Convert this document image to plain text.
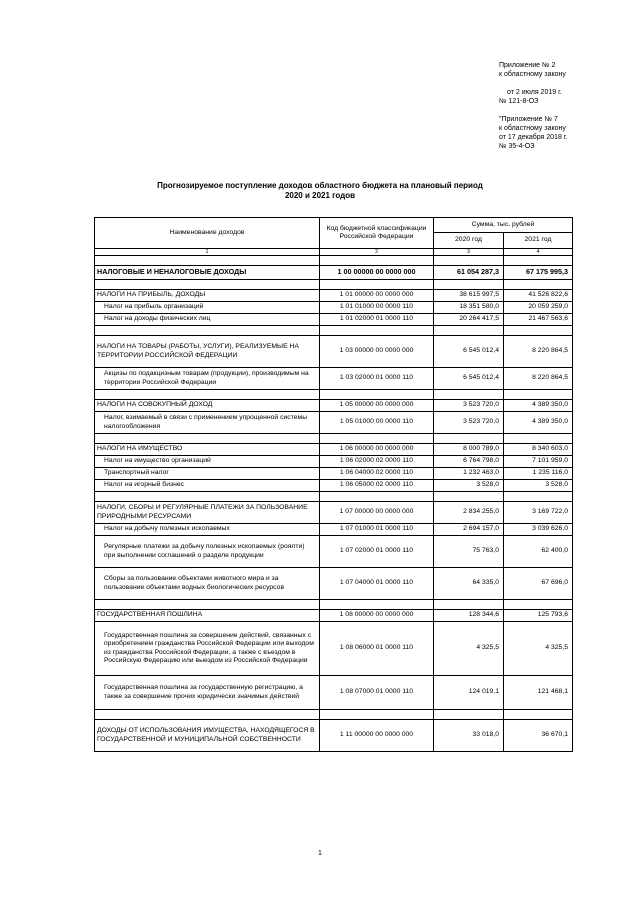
Приложение № 2
к областному закону
от 2 июля 2019 г.
№ 121-8-ОЗ
"Приложение № 7
к областному закону
от 17 декабря 2018 г.
№ 35-4-ОЗ
Прогнозируемое поступление доходов областного бюджета на плановый период
2020 и 2021 годов
Наименование доходов	Код бюджетной классификации Российской Федерации	Сумма, тыс. рублей	
		2020 год	2021 год
1	2	3	4

НАЛОГОВЫЕ И НЕНАЛОГОВЫЕ ДОХОДЫ	1 00 00000 00 0000 000	61 054 287,3	67 175 995,3

НАЛОГИ НА ПРИБЫЛЬ, ДОХОДЫ	1 01 00000 00 0000 000	38 615 997,5	41 526 822,6
Налог на прибыль организаций	1 01 01000 00 0000 110	18 351 580,0	20 059 259,0
Налог на доходы физических лиц	1 01 02000 01 0000 110	20 264 417,5	21 467 563,6

НАЛОГИ НА ТОВАРЫ (РАБОТЫ, УСЛУГИ), РЕАЛИЗУЕМЫЕ НА ТЕРРИТОРИИ РОССИЙСКОЙ ФЕДЕРАЦИИ	1 03 00000 00 0000 000	6 545 012,4	8 220 864,5
Акцизы по подакцизным товарам (продукции), производимым на территории Российской Федерации	1 03 02000 01 0000 110	6 545 012,4	8 220 864,5

НАЛОГИ НА СОВОКУПНЫЙ ДОХОД	1 05 00000 00 0000 000	3 523 720,0	4 389 350,0
Налог, взимаемый в связи с применением упрощенной системы налогообложения	1 05 01000 00 0000 110	3 523 720,0	4 389 350,0

НАЛОГИ НА ИМУЩЕСТВО	1 06 00000 00 0000 000	8 000 789,0	8 340 603,0
Налог на имущество организаций	1 06 02000 02 0000 110	6 764 798,0	7 101 959,0
Транспортный налог	1 06 04000 02 0000 110	1 232 463,0	1 235 116,0
Налог на игорный бизнес	1 06 05000 02 0000 110	3 528,0	3 528,0

НАЛОГИ, СБОРЫ И РЕГУЛЯРНЫЕ ПЛАТЕЖИ ЗА ПОЛЬЗОВАНИЕ ПРИРОДНЫМИ РЕСУРСАМИ	1 07 00000 00 0000 000	2 834 255,0	3 169 722,0
Налог на добычу полезных ископаемых	1 07 01000 01 0000 110	2 694 157,0	3 039 626,0
Регулярные платежи за добычу полезных ископаемых (роялти) при выполнении соглашений о разделе продукции	1 07 02000 01 0000 110	75 763,0	62 400,0
Сборы за пользование объектами животного мира и за пользование объектами водных биологических ресурсов	1 07 04000 01 0000 110	64 335,0	67 696,0

ГОСУДАРСТВЕННАЯ ПОШЛИНА	1 08 00000 00 0000 000	128 344,6	125 793,6
Государственная пошлина за совершение действий, связанных с приобретением гражданства Российской Федерации или выходом из гражданства Российской Федерации, а также с въездом в Российскую Федерацию или выездом из Российской Федерации	1 08 06000 01 0000 110	4 325,5	4 325,5
Государственная пошлина за государственную регистрацию, а также за совершение прочих юридически значимых действий	1 08 07000 01 0000 110	124 019,1	121 468,1

ДОХОДЫ ОТ ИСПОЛЬЗОВАНИЯ ИМУЩЕСТВА, НАХОДЯЩЕГОСЯ В ГОСУДАРСТВЕННОЙ И МУНИЦИПАЛЬНОЙ СОБСТВЕННОСТИ	1 11 00000 00 0000 000	33 018,0	36 670,1
1
